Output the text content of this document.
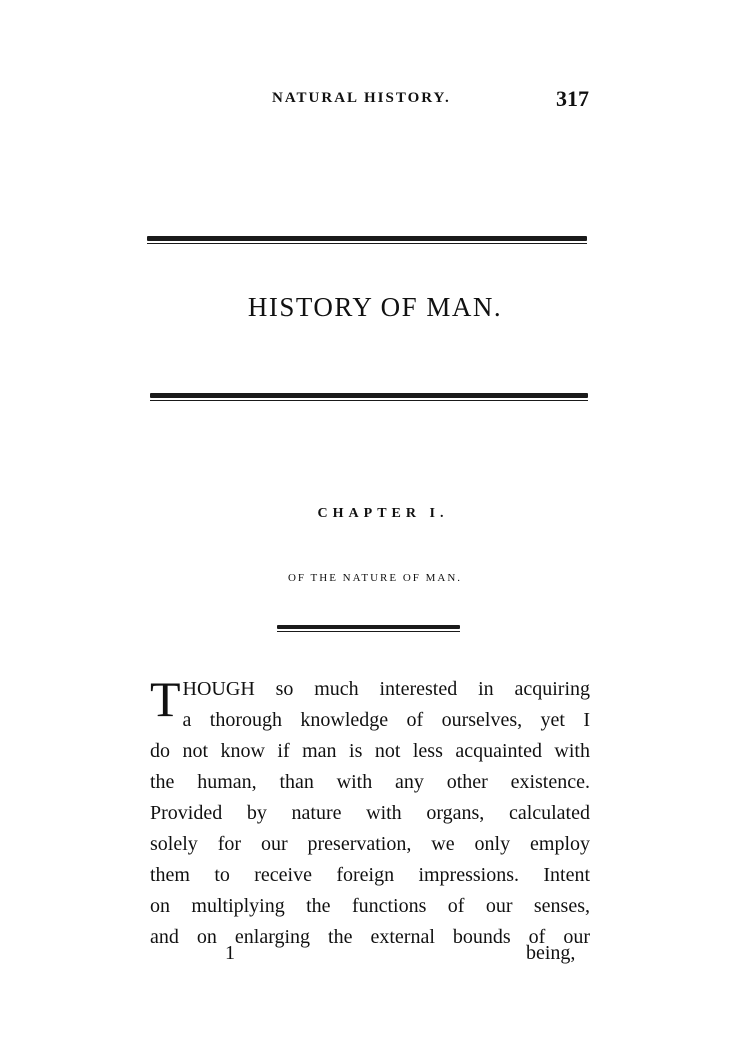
NATURAL HISTORY.	317
HISTORY OF MAN.
CHAPTER I.
OF THE NATURE OF MAN.
T HOUGH so much interested in acquiring
a thorough knowledge of ourselves, yet I
do not know if man is not less acquainted with
the human, than with any other existence.
Provided by nature with organs, calculated
solely for our preservation, we only employ
them to receive foreign impressions. Intent
on multiplying the functions of our senses,
and on enlarging the external bounds of our
1	being,
